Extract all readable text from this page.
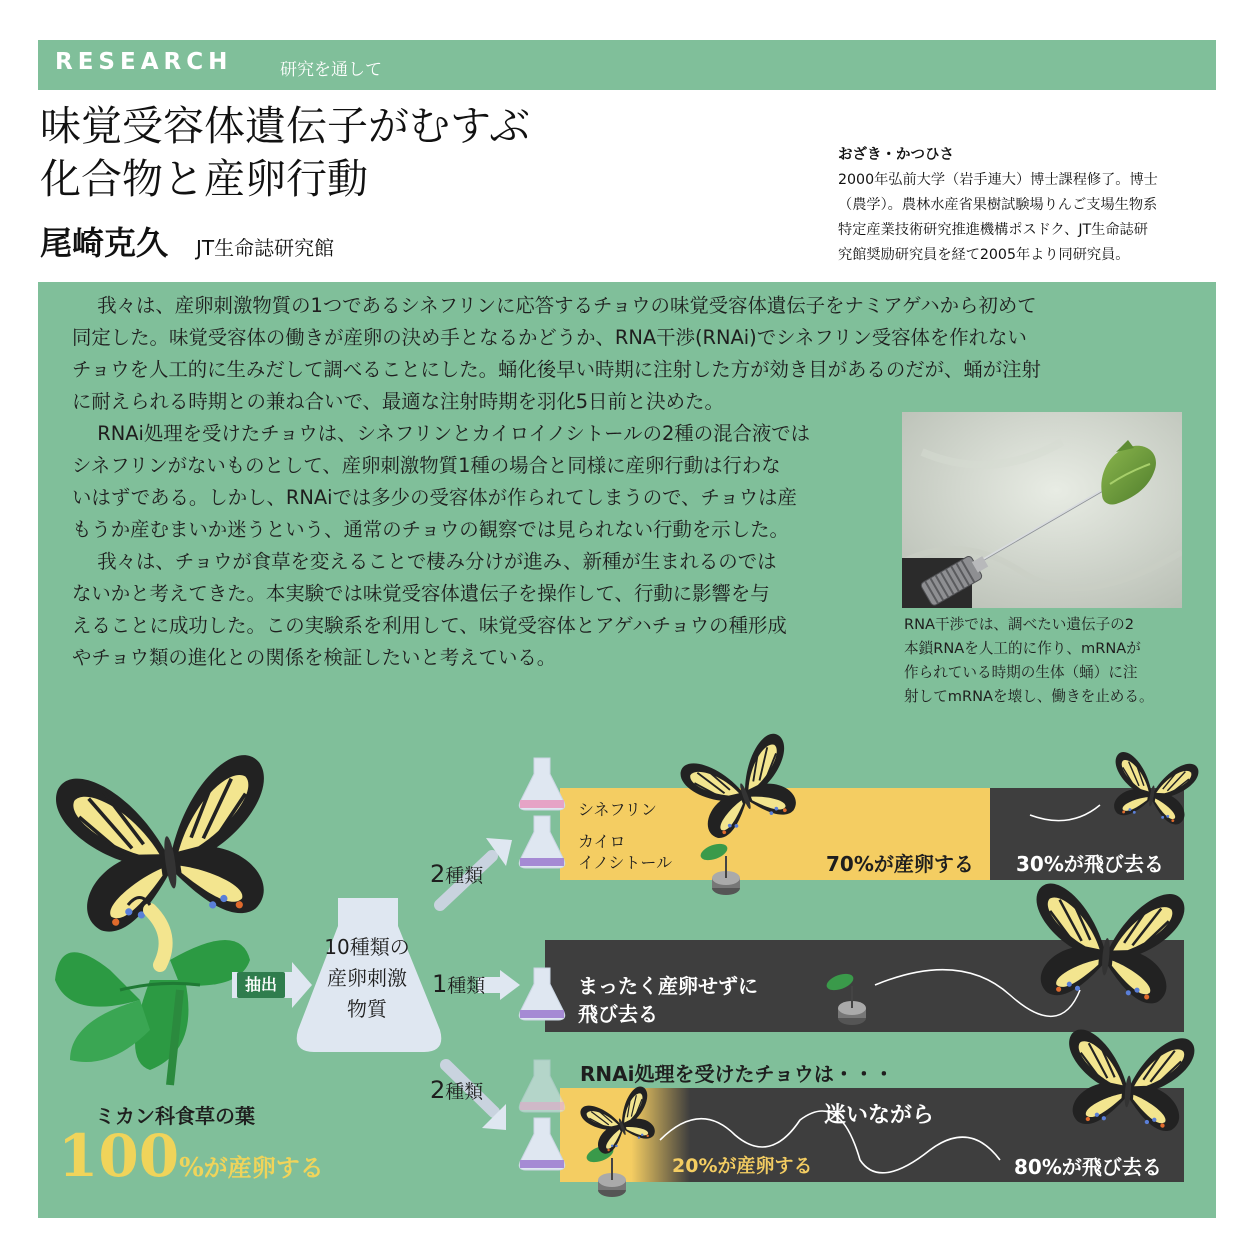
RESEARCH	研究を通して
味覚受容体遺伝子がむすぶ
化合物と産卵行動
尾崎克久 JT生命誌研究館
おざき・かつひさ
2000年弘前大学（岩手連大）博士課程修了。博士
（農学）。農林水産省果樹試験場りんご支場生物系
特定産業技術研究推進機構ポスドク、JT生命誌研
究館奨励研究員を経て2005年より同研究員。

我々は、産卵刺激物質の1つであるシネフリンに応答するチョウの味覚受容体遺伝子をナミアゲハから初めて
同定した。味覚受容体の働きが産卵の決め手となるかどうか、RNA干渉(RNAi)でシネフリン受容体を作れない
チョウを人工的に生みだして調べることにした。蛹化後早い時期に注射した方が効き目があるのだが、蛹が注射
に耐えられる時期との兼ね合いで、最適な注射時期を羽化5日前と決めた。

RNAi処理を受けたチョウは、シネフリンとカイロイノシトールの2種の混合液では
シネフリンがないものとして、産卵刺激物質1種の場合と同様に産卵行動は行わな
いはずである。しかし、RNAiでは多少の受容体が作られてしまうので、チョウは産
もうか産むまいか迷うという、通常のチョウの観察では見られない行動を示した。

我々は、チョウが食草を変えることで棲み分けが進み、新種が生まれるのでは
ないかと考えてきた。本実験では味覚受容体遺伝子を操作して、行動に影響を与
えることに成功した。この実験系を利用して、味覚受容体とアゲハチョウの種形成
やチョウ類の進化との関係を検証したいと考えている。

RNA干渉では、調べたい遺伝子の2
本鎖RNAを人工的に作り、mRNAが
作られている時期の生体（蛹）に注
射してmRNAを壊し、働きを止める。
抽出
10種類の
産卵刺激
物質
ミカン科食草の葉
100%が産卵する
2種類
1種類
2種類
シネフリン
カイロ
イノシトール	70%が産卵する 30%が飛び去る
まったく産卵せずに
飛び去る
RNAi処理を受けたチョウは・・・
迷いながら
20%が産卵する	80%が飛び去る
